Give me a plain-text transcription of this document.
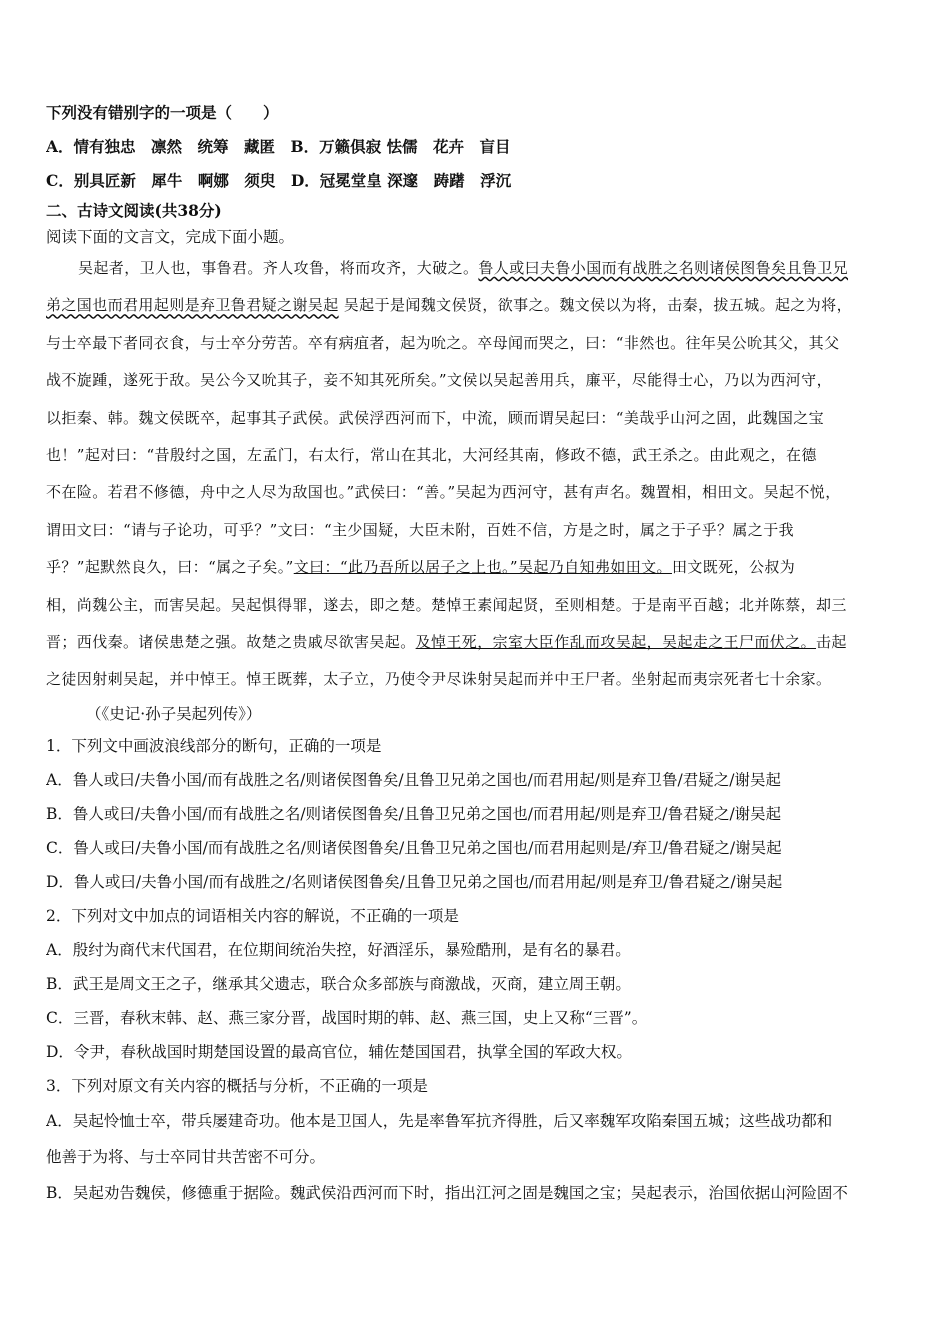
下列没有错别字的一项是（　　）
A．情有独忠　凛然　统筹　藏匿　B．万籁俱寂 怯儒　花卉　盲目
C．别具匠新　犀牛　啊娜　须臾　D．冠冕堂皇 深邃　踌躇　浮沉
二、古诗文阅读(共38分)
阅读下面的文言文，完成下面小题。
吴起者，卫人也，事鲁君。齐人攻鲁，将而攻齐，大破之。鲁人或曰夫鲁小国而有战胜之名则诸侯图鲁矣且鲁卫兄
弟之国也而君用起则是弃卫鲁君疑之谢吴起 吴起于是闻魏文侯贤，欲事之。魏文侯以为将，击秦，拔五城。起之为将，
与士卒最下者同衣食，与士卒分劳苦。卒有病疽者，起为吮之。卒母闻而哭之，曰：“非然也。往年吴公吮其父，其父
战不旋踵，遂死于敌。吴公今又吮其子，妾不知其死所矣。”文侯以吴起善用兵，廉平，尽能得士心，乃以为西河守，
以拒秦、韩。魏文侯既卒，起事其子武侯。武侯浮西河而下，中流，顾而谓吴起曰：“美哉乎山河之固，此魏国之宝
也！”起对曰：“昔殷纣之国，左孟门，右太行，常山在其北，大河经其南，修政不德，武王杀之。由此观之，在德
不在险。若君不修德，舟中之人尽为敌国也。”武侯曰：“善。”吴起为西河守，甚有声名。魏置相，相田文。吴起不悦，
谓田文曰：“请与子论功，可乎？”文曰：“主少国疑，大臣未附，百姓不信，方是之时，属之于子乎？属之于我
乎？”起默然良久，曰：“属之子矣。”文曰：“此乃吾所以居子之上也。”吴起乃自知弗如田文。田文既死，公叔为
相，尚魏公主，而害吴起。吴起惧得罪，遂去，即之楚。楚悼王素闻起贤，至则相楚。于是南平百越；北并陈蔡，却三
晋；西伐秦。诸侯患楚之强。故楚之贵戚尽欲害吴起。及悼王死，宗室大臣作乱而攻吴起，吴起走之王尸而伏之。击起
之徒因射刺吴起，并中悼王。悼王既葬，太子立，乃使令尹尽诛射吴起而并中王尸者。坐射起而夷宗死者七十余家。
（《史记·孙子吴起列传》）
1．下列文中画波浪线部分的断句，正确的一项是
A．鲁人或曰/夫鲁小国/而有战胜之名/则诸侯图鲁矣/且鲁卫兄弟之国也/而君用起/则是弃卫鲁/君疑之/谢吴起
B．鲁人或曰/夫鲁小国/而有战胜之名/则诸侯图鲁矣/且鲁卫兄弟之国也/而君用起/则是弃卫/鲁君疑之/谢吴起
C．鲁人或曰/夫鲁小国/而有战胜之名/则诸侯图鲁矣/且鲁卫兄弟之国也/而君用起则是/弃卫/鲁君疑之/谢吴起
D．鲁人或曰/夫鲁小国/而有战胜之/名则诸侯图鲁矣/且鲁卫兄弟之国也/而君用起/则是弃卫/鲁君疑之/谢吴起
2．下列对文中加点的词语相关内容的解说，不正确的一项是
A．殷纣为商代末代国君，在位期间统治失控，好酒淫乐，暴殓酷刑，是有名的暴君。
B．武王是周文王之子，继承其父遗志，联合众多部族与商激战，灭商，建立周王朝。
C．三晋，春秋末韩、赵、燕三家分晋，战国时期的韩、赵、燕三国，史上又称“三晋”。
D．令尹，春秋战国时期楚国设置的最高官位，辅佐楚国国君，执掌全国的军政大权。
3．下列对原文有关内容的概括与分析，不正确的一项是
A．吴起怜恤士卒，带兵屡建奇功。他本是卫国人，先是率鲁军抗齐得胜，后又率魏军攻陷秦国五城；这些战功都和
他善于为将、与士卒同甘共苦密不可分。
B．吴起劝告魏侯，修德重于据险。魏武侯沿西河而下时，指出江河之固是魏国之宝；吴起表示，治国依据山河险固不
